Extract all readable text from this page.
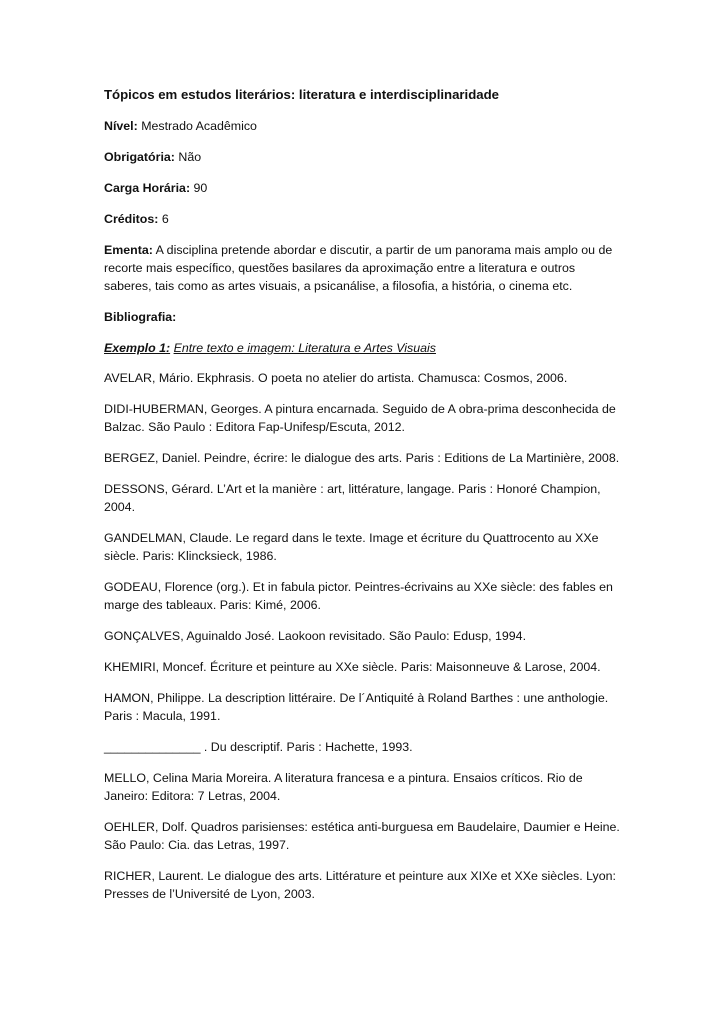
Tópicos em estudos literários: literatura e interdisciplinaridade
Nível: Mestrado Acadêmico
Obrigatória: Não
Carga Horária: 90
Créditos: 6
Ementa: A disciplina pretende abordar e discutir, a partir de um panorama mais amplo ou de recorte mais específico, questões basilares da aproximação entre a literatura e outros saberes, tais como as artes visuais, a psicanálise, a filosofia, a história, o cinema etc.
Bibliografia:
Exemplo 1: Entre texto e imagem: Literatura e Artes Visuais
AVELAR, Mário. Ekphrasis. O poeta no atelier do artista. Chamusca: Cosmos, 2006.
DIDI-HUBERMAN, Georges. A pintura encarnada. Seguido de A obra-prima desconhecida de Balzac. São Paulo : Editora Fap-Unifesp/Escuta, 2012.
BERGEZ, Daniel. Peindre, écrire: le dialogue des arts. Paris : Editions de La Martinière, 2008.
DESSONS, Gérard. L’Art et la manière : art, littérature, langage. Paris : Honoré Champion, 2004.
GANDELMAN, Claude. Le regard dans le texte. Image et écriture du Quattrocento au XXe siècle. Paris: Klincksieck, 1986.
GODEAU, Florence (org.). Et in fabula pictor. Peintres-écrivains au XXe siècle: des fables en marge des tableaux. Paris: Kimé, 2006.
GONÇALVES, Aguinaldo José. Laokoon revisitado. São Paulo: Edusp, 1994.
KHEMIRI, Moncef. Écriture et peinture au XXe siècle. Paris: Maisonneuve & Larose, 2004.
HAMON, Philippe. La description littéraire. De l´Antiquité à Roland Barthes : une anthologie. Paris : Macula, 1991.
______________ . Du descriptif. Paris : Hachette, 1993.
MELLO, Celina Maria Moreira. A literatura francesa e a pintura. Ensaios críticos. Rio de Janeiro: Editora: 7 Letras, 2004.
OEHLER, Dolf. Quadros parisienses: estética anti-burguesa em Baudelaire, Daumier e Heine. São Paulo: Cia. das Letras, 1997.
RICHER, Laurent. Le dialogue des arts. Littérature et peinture aux XIXe et XXe siècles. Lyon: Presses de l’Université de Lyon, 2003.
